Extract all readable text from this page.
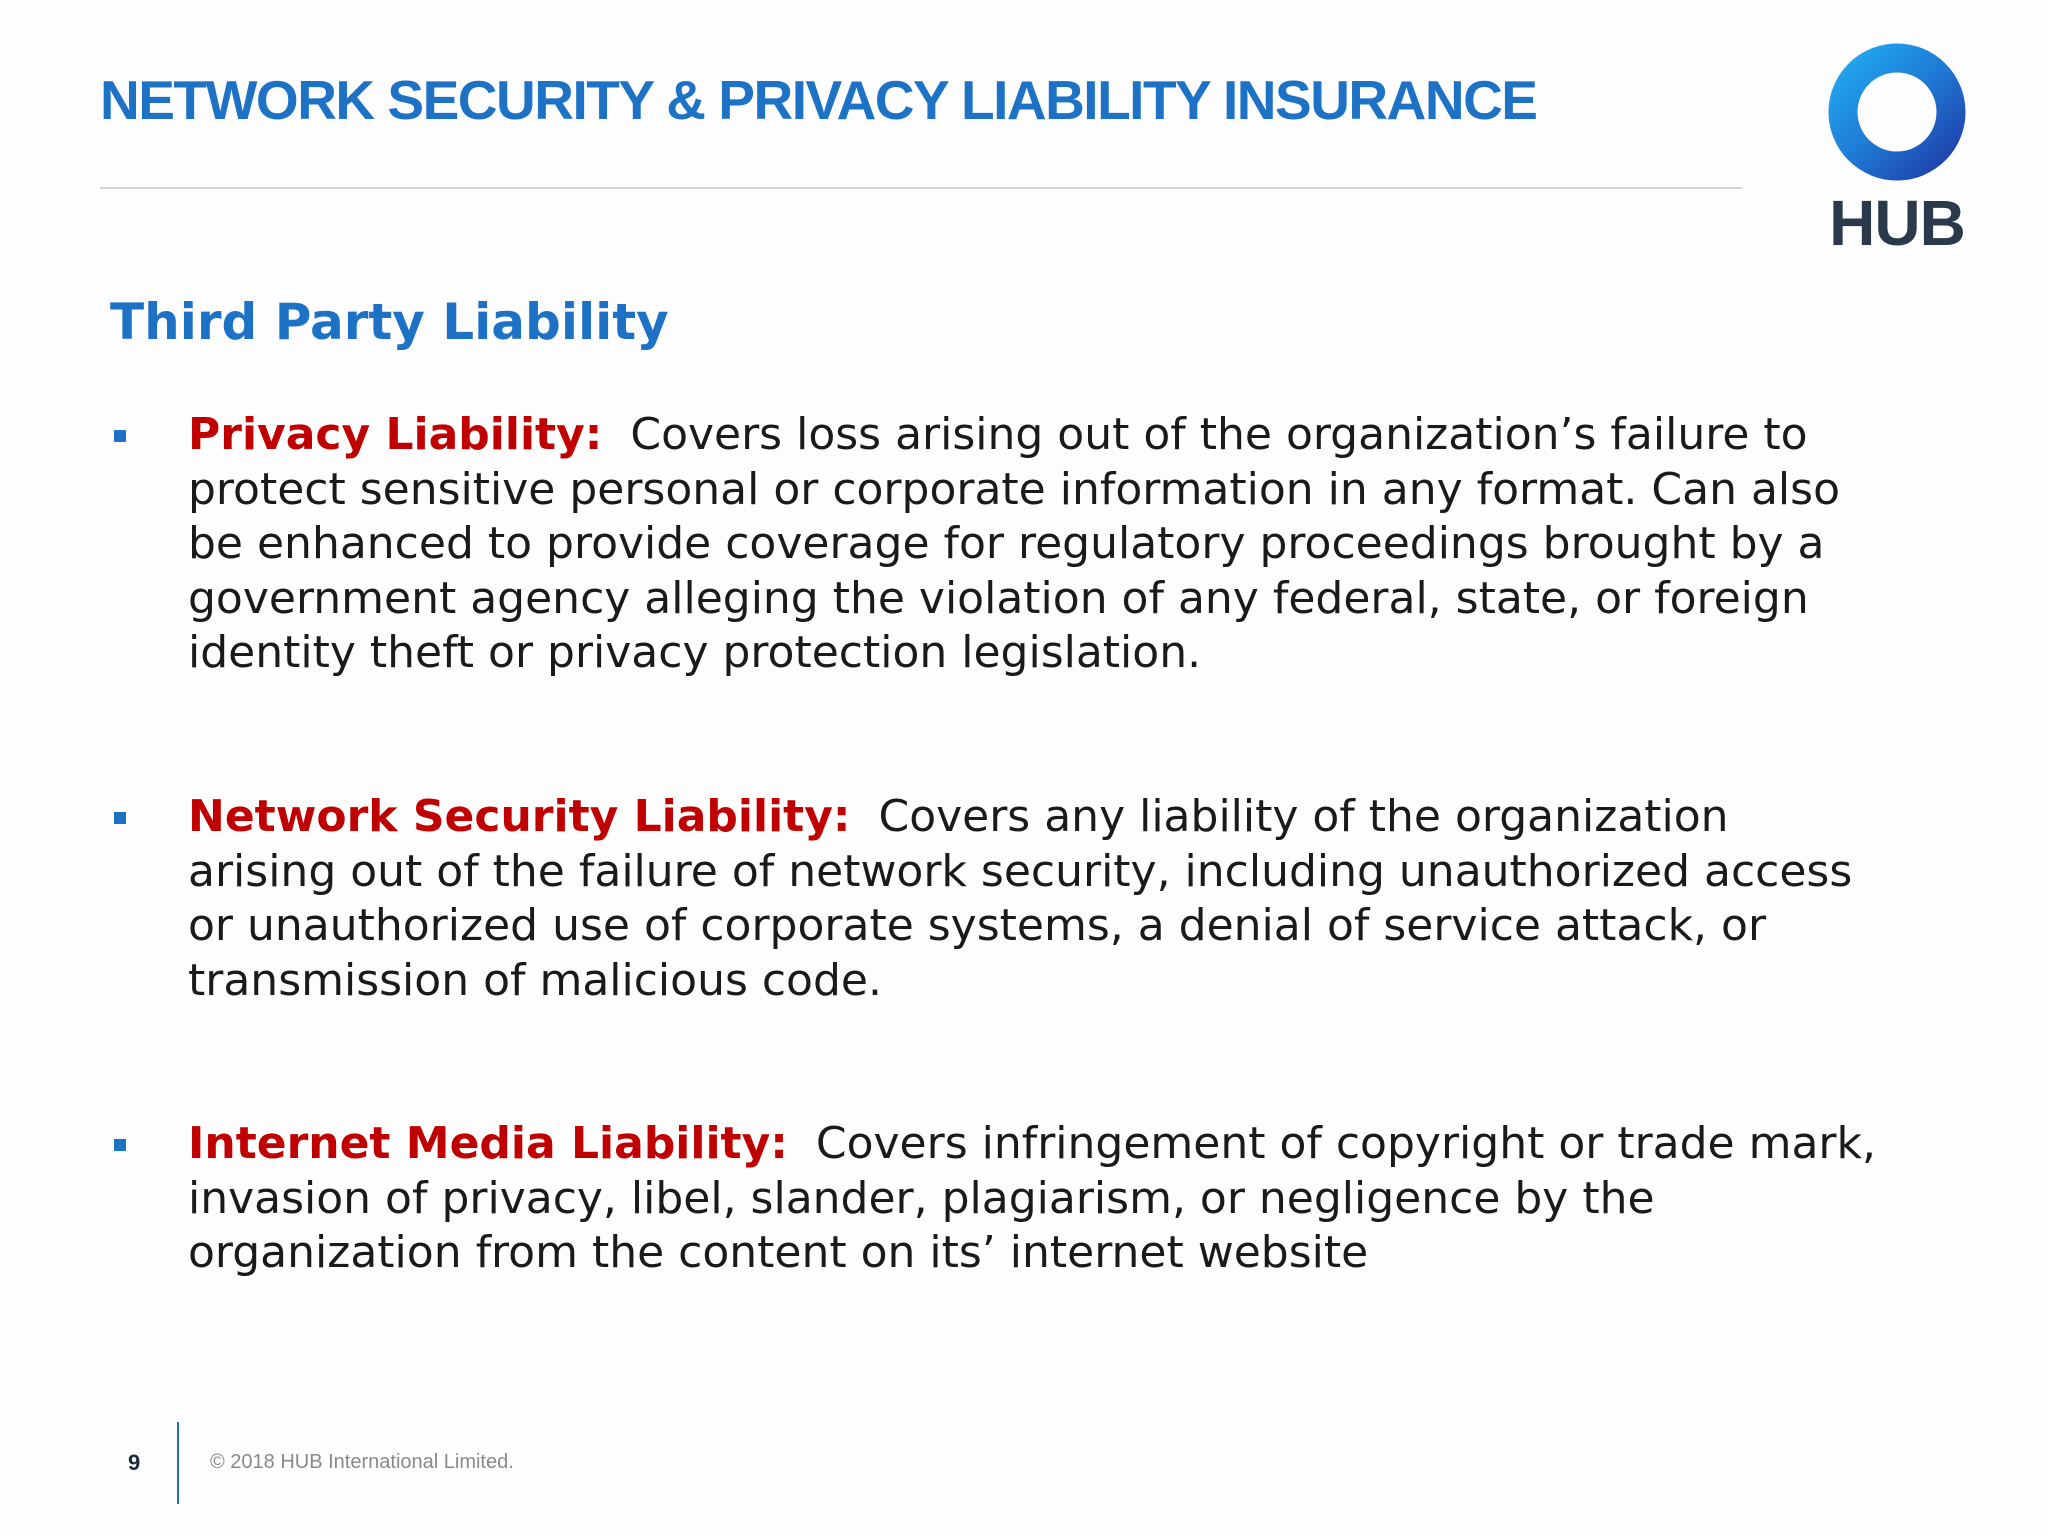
NETWORK SECURITY & PRIVACY LIABILITY INSURANCE
HUB
Third Party Liability

Privacy Liability: Covers loss arising out of the organization’s failure to protect sensitive personal or corporate information in any format. Can also be enhanced to provide coverage for regulatory proceedings brought by a government agency alleging the violation of any federal, state, or foreign identity theft or privacy protection legislation.

Network Security Liability: Covers any liability of the organization arising out of the failure of network security, including unauthorized access or unauthorized use of corporate systems, a denial of service attack, or transmission of malicious code.

Internet Media Liability: Covers infringement of copyright or trade mark, invasion of privacy, libel, slander, plagiarism, or negligence by the organization from the content on its’ internet website

9	© 2018 HUB International Limited.
